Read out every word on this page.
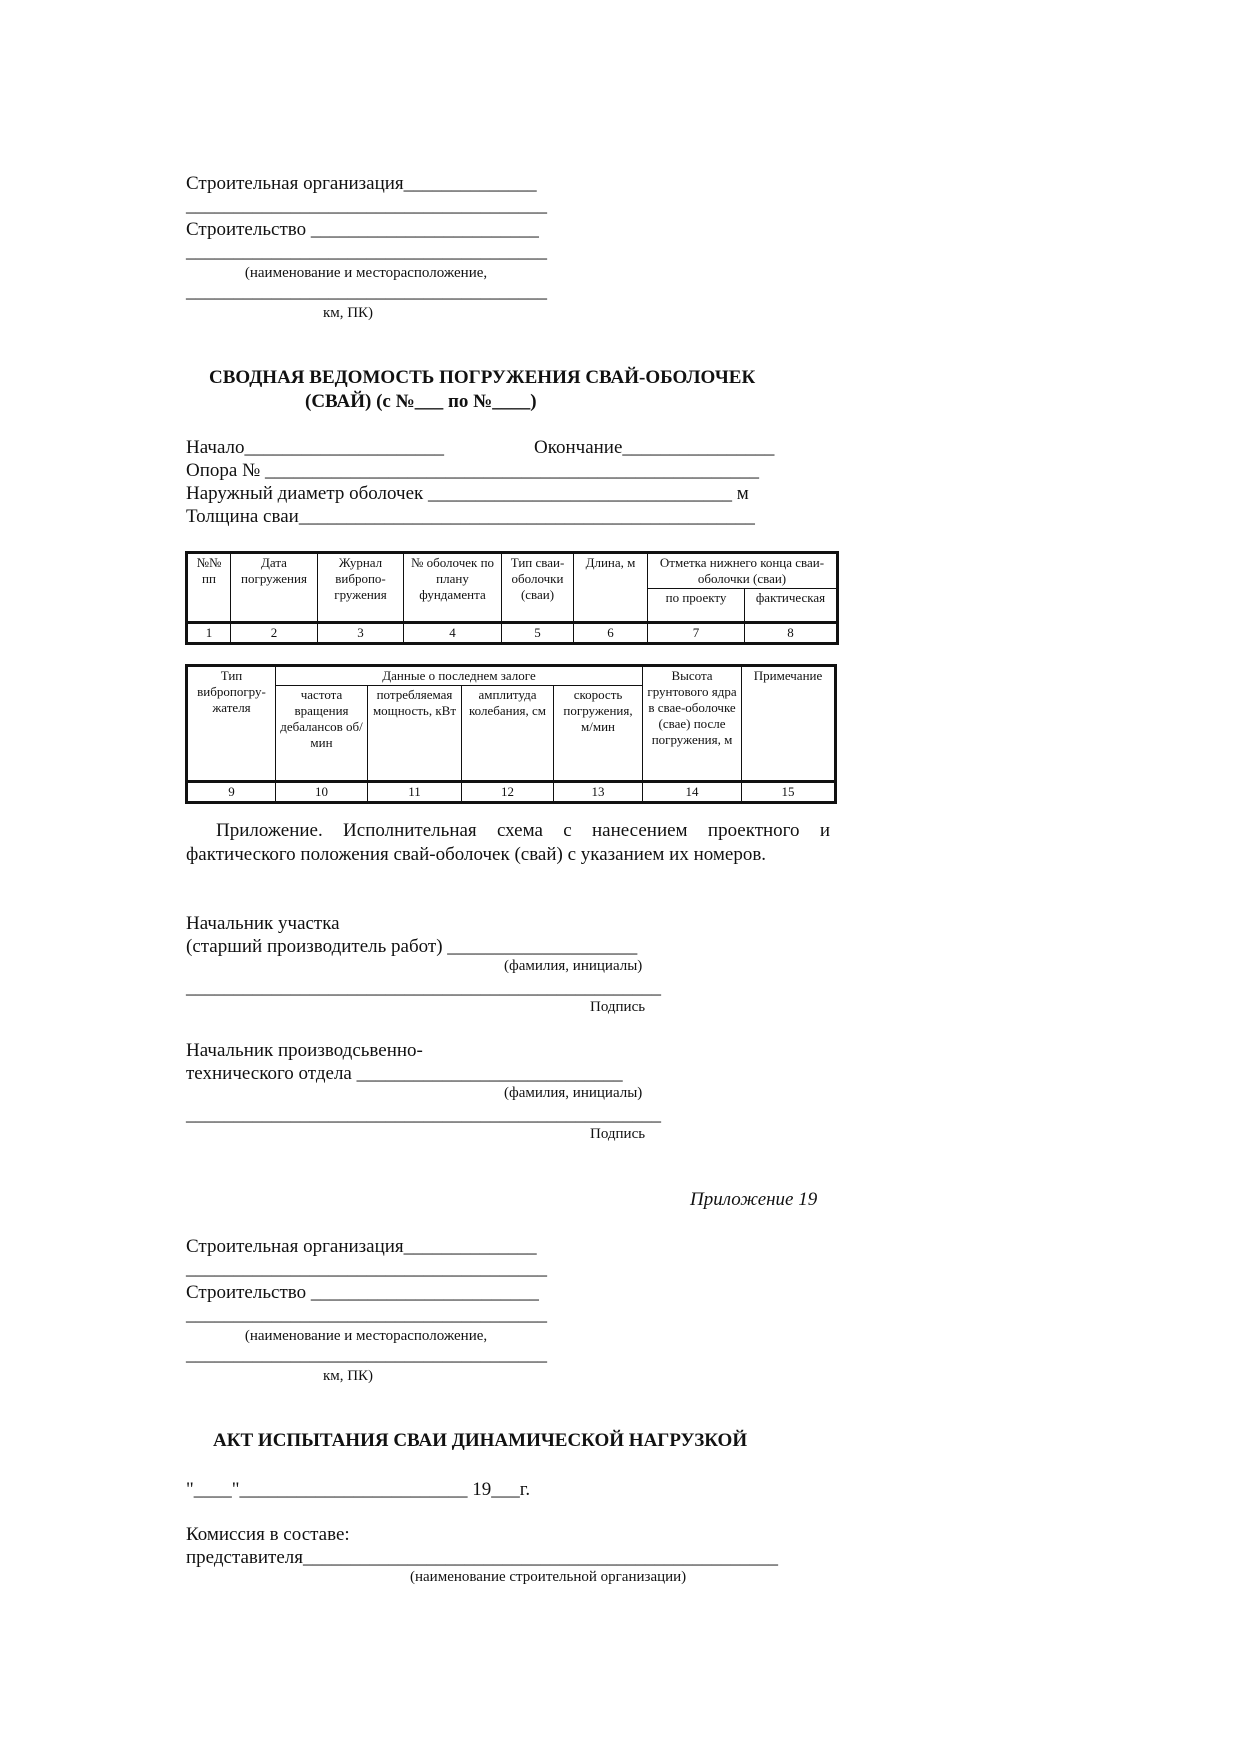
Строительная организация______________
______________________________________
Строительство ________________________
______________________________________
(наименование и месторасположение,
______________________________________
км, ПК)
СВОДНАЯ ВЕДОМОСТЬ ПОГРУЖЕНИЯ СВАЙ-ОБОЛОЧЕК
(СВАЙ) (с №___ по №____)
Начало_____________________	Окончание________________
Опора № ____________________________________________________
Наружный диаметр оболочек ________________________________ м
Толщина сваи________________________________________________
№№ пп	Дата погружения	Журнал вибропо-гружения	№ оболочек по плану фундамента	Тип сваи-оболочки (сваи)	Длина, м	Отметка нижнего конца сваи-оболочки (сваи)	
						по проекту	фактическая
1	2	3	4	5	6	7	8
Тип вибропогру-жателя	Данные о последнем залоге				Высота грунтового ядра в свае-оболочке (свае) после погружения, м	Примечание
	частота вращения дебалансов об/мин	потребляемая мощность, кВт	амплитуда колебания, см	скорость погружения, м/мин		
9	10	11	12	13	14	15
Приложение. Исполнительная схема с нанесением проектного и фактического положения свай-оболочек (свай) с указанием их номеров.
Начальник участка
(старший производитель работ) ____________________
(фамилия, инициалы)
__________________________________________________
Подпись
Начальник производсьвенно-
технического отдела ____________________________
(фамилия, инициалы)
__________________________________________________
Подпись
Приложение 19
Строительная организация______________
______________________________________
Строительство ________________________
______________________________________
(наименование и месторасположение,
______________________________________
км, ПК)
АКТ ИСПЫТАНИЯ СВАИ ДИНАМИЧЕСКОЙ НАГРУЗКОЙ
"____"________________________ 19___г.
Комиссия в составе:
представителя__________________________________________________
(наименование строительной организации)
